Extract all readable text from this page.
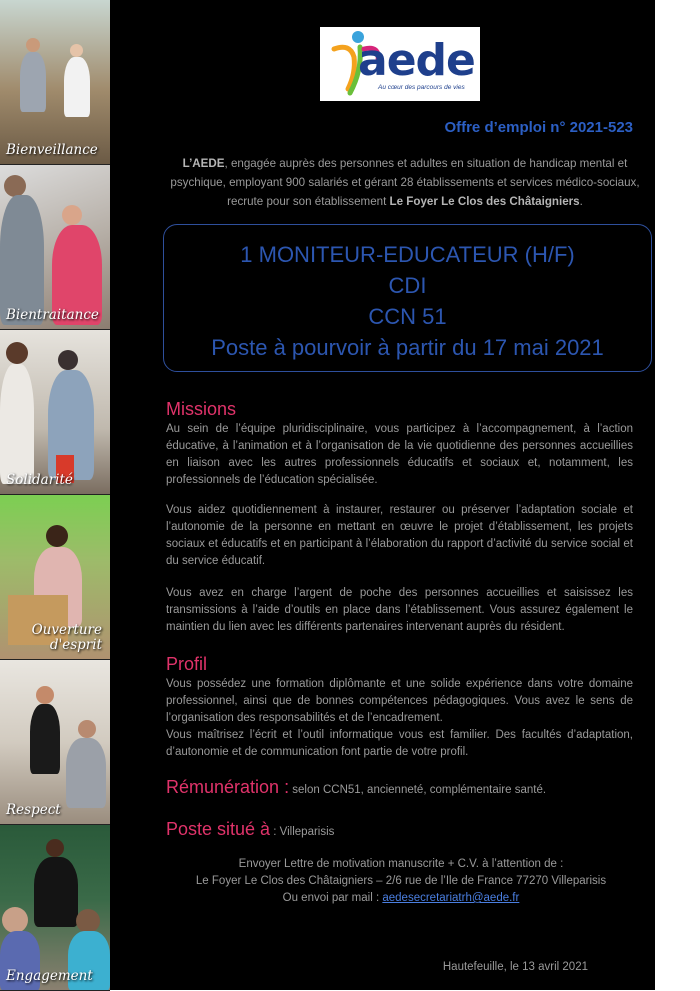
Bienveillance
Bientraitance
Solidarité
Ouverture d'esprit
Respect
Engagement
aede
Au cœur des parcours de vies
Offre d’emploi n° 2021-523
L’AEDE, engagée auprès des personnes et adultes en situation de handicap mental et psychique, employant 900 salariés et gérant 28 établissements et services médico-sociaux, recrute pour son établissement Le Foyer Le Clos des Châtaigniers.
1 MONITEUR-EDUCATEUR (H/F)
CDI
CCN 51
Poste à pourvoir à partir du 17 mai 2021
Missions
Au sein de l’équipe pluridisciplinaire, vous participez à l’accompagnement, à l’action éducative, à l’animation et à l’organisation de la vie quotidienne des personnes accueillies en liaison avec les autres professionnels éducatifs et sociaux et, notamment, les professionnels de l’éducation spécialisée.
Vous aidez quotidiennement à instaurer, restaurer ou préserver l’adaptation sociale et l’autonomie de la personne en mettant en œuvre le projet d’établissement, les projets sociaux et éducatifs et en participant à l’élaboration du rapport d’activité du service social et du service éducatif.
Vous avez en charge l’argent de poche des personnes accueillies et saisissez les transmissions à l’aide d’outils en place dans l’établissement. Vous assurez également le maintien du lien avec les différents partenaires intervenant auprès du résident.
Profil
Vous possédez une formation diplômante et une solide expérience dans votre domaine professionnel, ainsi que de bonnes compétences pédagogiques. Vous avez le sens de l’organisation des responsabilités et de l’encadrement.
Vous maîtrisez l’écrit et l’outil informatique vous est familier. Des facultés d’adaptation, d’autonomie et de communication font partie de votre profil.
Rémunération : selon CCN51, ancienneté, complémentaire santé.
Poste situé à : Villeparisis
Envoyer Lettre de motivation manuscrite + C.V. à l’attention de :
Le Foyer Le Clos des Châtaigniers – 2/6 rue de l’Ile de France 77270 Villeparisis
Ou envoi par mail : aedesecretariatrh@aede.fr
Hautefeuille, le 13 avril 2021
